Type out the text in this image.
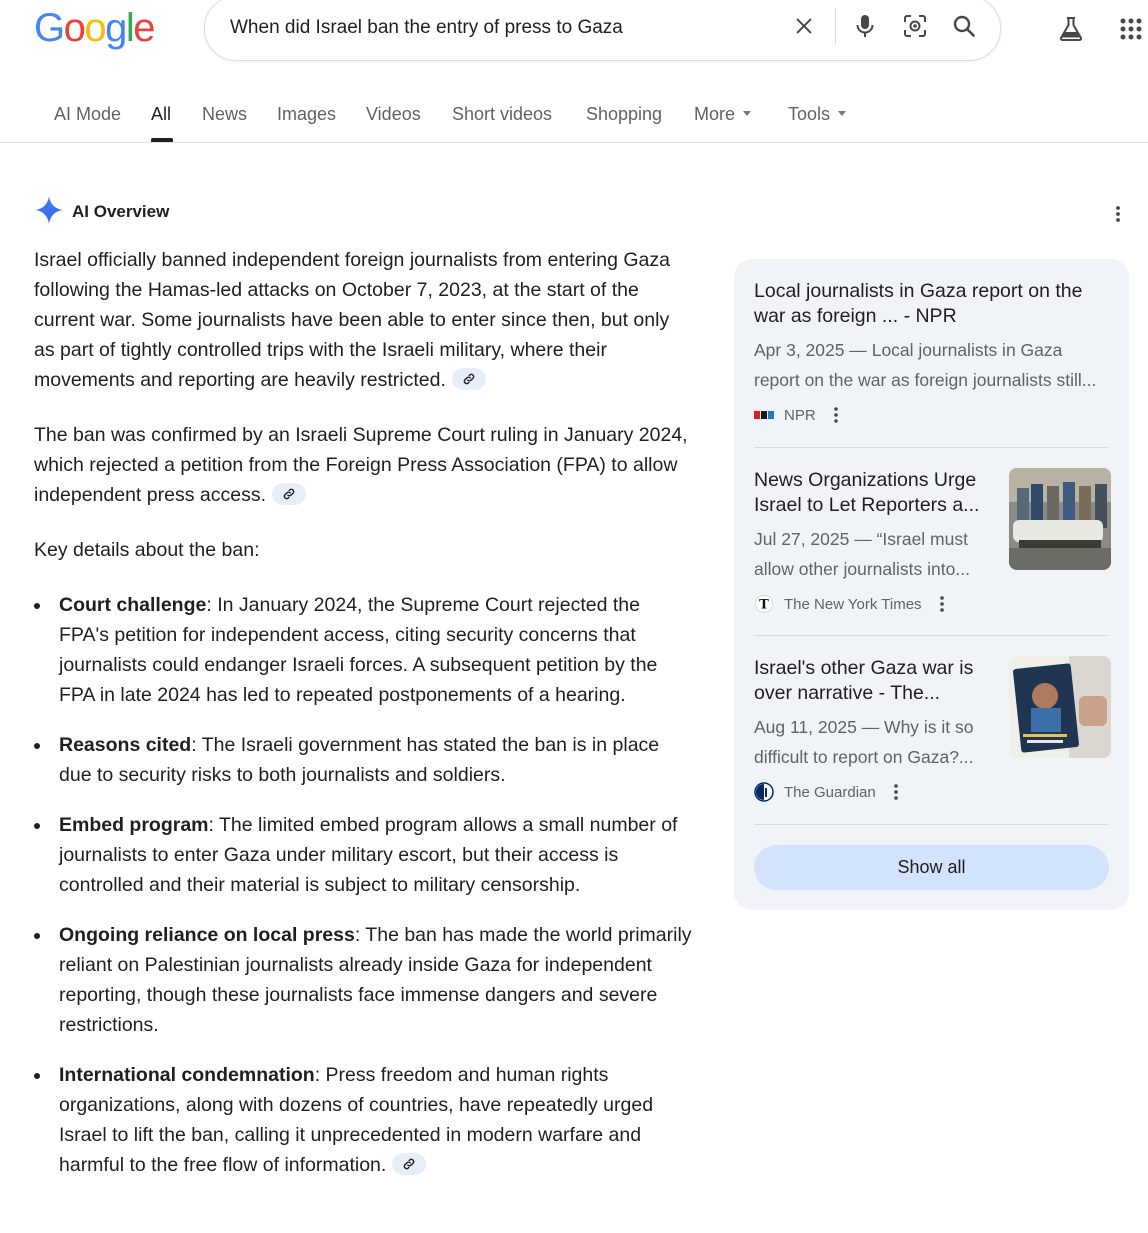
Google	When did Israel ban the entry of press to Gaza
AI Mode All News Images Videos Short videos Shopping More	Tools
AI Overview

Israel officially banned independent foreign journalists from entering Gaza following the Hamas-led attacks on October 7, 2023, at the start of the current war. Some journalists have been able to enter since then, but only as part of tightly controlled trips with the Israeli military, where their movements and reporting are heavily restricted.

The ban was confirmed by an Israeli Supreme Court ruling in January 2024, which rejected a petition from the Foreign Press Association (FPA) to allow independent press access.

Key details about the ban:

Court challenge: In January 2024, the Supreme Court rejected the FPA's petition for independent access, citing security concerns that journalists could endanger Israeli forces. A subsequent petition by the FPA in late 2024 has led to repeated postponements of a hearing.
Reasons cited: The Israeli government has stated the ban is in place due to security risks to both journalists and soldiers.
Embed program: The limited embed program allows a small number of journalists to enter Gaza under military escort, but their access is controlled and their material is subject to military censorship.
Ongoing reliance on local press: The ban has made the world primarily reliant on Palestinian journalists already inside Gaza for independent reporting, though these journalists face immense dangers and severe restrictions.
International condemnation: Press freedom and human rights organizations, along with dozens of countries, have repeatedly urged Israel to lift the ban, calling it unprecedented in modern warfare and harmful to the free flow of information.
Local journalists in Gaza report on the war as foreign ... - NPR
Apr 3, 2025 — Local journalists in Gaza report on the war as foreign journalists still...
NPR
News Organizations Urge Israel to Let Reporters a...
Jul 27, 2025 — “Israel must allow other journalists into...
T The New York Times
Israel's other Gaza war is over narrative - The...
Aug 11, 2025 — Why is it so difficult to report on Gaza?...
The Guardian
Show all
